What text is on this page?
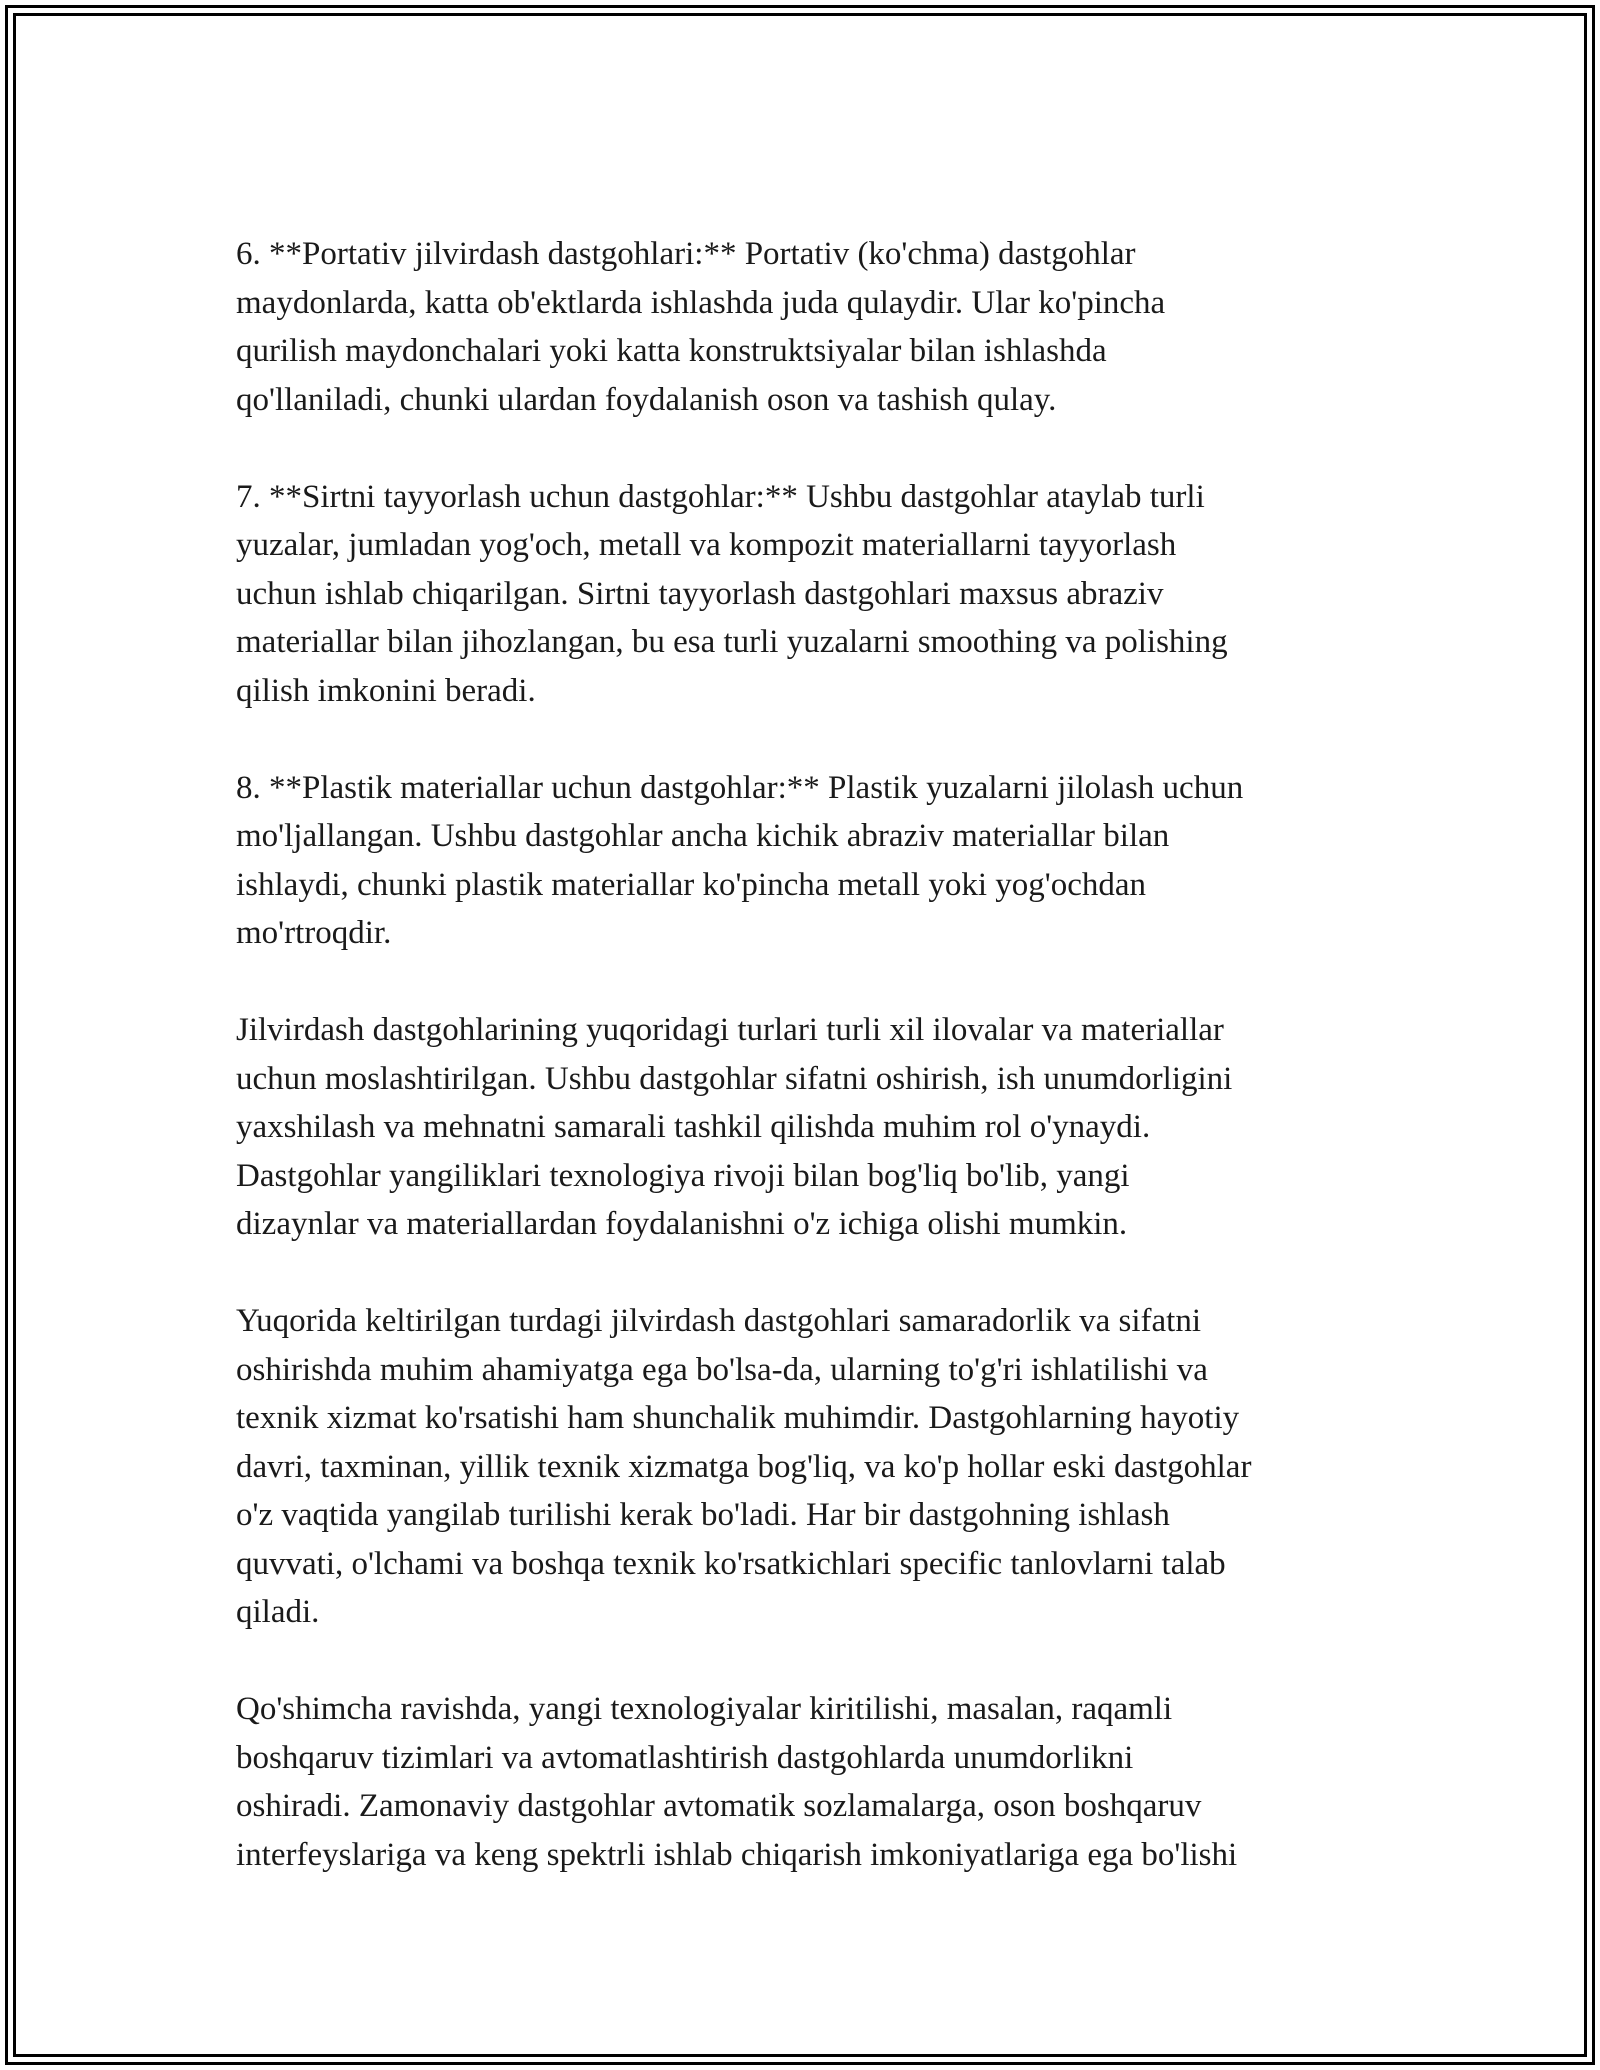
6. **Portativ jilvirdash dastgohlari:** Portativ (ko'chma) dastgohlar
maydonlarda, katta ob'ektlarda ishlashda juda qulaydir. Ular ko'pincha
qurilish maydonchalari yoki katta konstruktsiyalar bilan ishlashda
qo'llaniladi, chunki ulardan foydalanish oson va tashish qulay.

7. **Sirtni tayyorlash uchun dastgohlar:** Ushbu dastgohlar ataylab turli
yuzalar, jumladan yog'och, metall va kompozit materiallarni tayyorlash
uchun ishlab chiqarilgan. Sirtni tayyorlash dastgohlari maxsus abraziv
materiallar bilan jihozlangan, bu esa turli yuzalarni smoothing va polishing
qilish imkonini beradi.

8. **Plastik materiallar uchun dastgohlar:** Plastik yuzalarni jilolash uchun
mo'ljallangan. Ushbu dastgohlar ancha kichik abraziv materiallar bilan
ishlaydi, chunki plastik materiallar ko'pincha metall yoki yog'ochdan
mo'rtroqdir.

Jilvirdash dastgohlarining yuqoridagi turlari turli xil ilovalar va materiallar
uchun moslashtirilgan. Ushbu dastgohlar sifatni oshirish, ish unumdorligini
yaxshilash va mehnatni samarali tashkil qilishda muhim rol o'ynaydi.
Dastgohlar yangiliklari texnologiya rivoji bilan bog'liq bo'lib, yangi
dizaynlar va materiallardan foydalanishni o'z ichiga olishi mumkin.

Yuqorida keltirilgan turdagi jilvirdash dastgohlari samaradorlik va sifatni
oshirishda muhim ahamiyatga ega bo'lsa-da, ularning to'g'ri ishlatilishi va
texnik xizmat ko'rsatishi ham shunchalik muhimdir. Dastgohlarning hayotiy
davri, taxminan, yillik texnik xizmatga bog'liq, va ko'p hollar eski dastgohlar
o'z vaqtida yangilab turilishi kerak bo'ladi. Har bir dastgohning ishlash
quvvati, o'lchami va boshqa texnik ko'rsatkichlari specific tanlovlarni talab
qiladi.

Qo'shimcha ravishda, yangi texnologiyalar kiritilishi, masalan, raqamli
boshqaruv tizimlari va avtomatlashtirish dastgohlarda unumdorlikni
oshiradi. Zamonaviy dastgohlar avtomatik sozlamalarga, oson boshqaruv
interfeyslariga va keng spektrli ishlab chiqarish imkoniyatlariga ega bo'lishi
